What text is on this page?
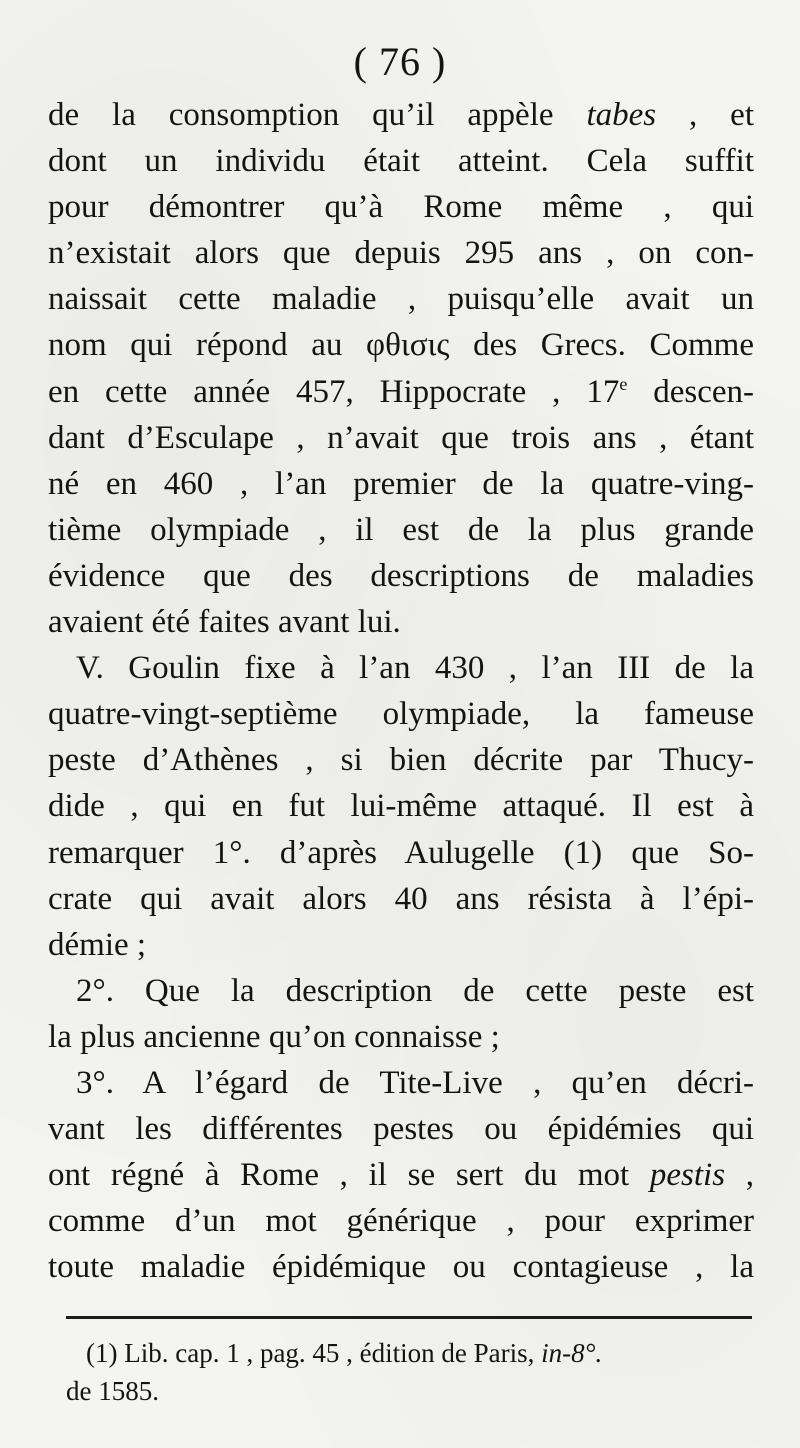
( 76 )
de la consomption qu’il appèle tabes , et
dont un individu était atteint. Cela suffit
pour démontrer qu’à Rome même , qui
n’existait alors que depuis 295 ans , on con-
naissait cette maladie , puisqu’elle avait un
nom qui répond au φθισις des Grecs. Comme
en cette année 457, Hippocrate , 17e descen-
dant d’Esculape , n’avait que trois ans , étant
né en 460 , l’an premier de la quatre-ving-
tième olympiade , il est de la plus grande
évidence que des descriptions de maladies
avaient été faites avant lui.
V. Goulin fixe à l’an 430 , l’an III de la
quatre-vingt-septième olympiade, la fameuse
peste d’Athènes , si bien décrite par Thucy-
dide , qui en fut lui-même attaqué. Il est à
remarquer 1°. d’après Aulugelle (1) que So-
crate qui avait alors 40 ans résista à l’épi-
démie ;
2°. Que la description de cette peste est
la plus ancienne qu’on connaisse ;
3°. A l’égard de Tite-Live , qu’en décri-
vant les différentes pestes ou épidémies qui
ont régné à Rome , il se sert du mot pestis ,
comme d’un mot générique , pour exprimer
toute maladie épidémique ou contagieuse , la
(1) Lib. cap. 1 , pag. 45 , édition de Paris, in-8°.
de 1585.
